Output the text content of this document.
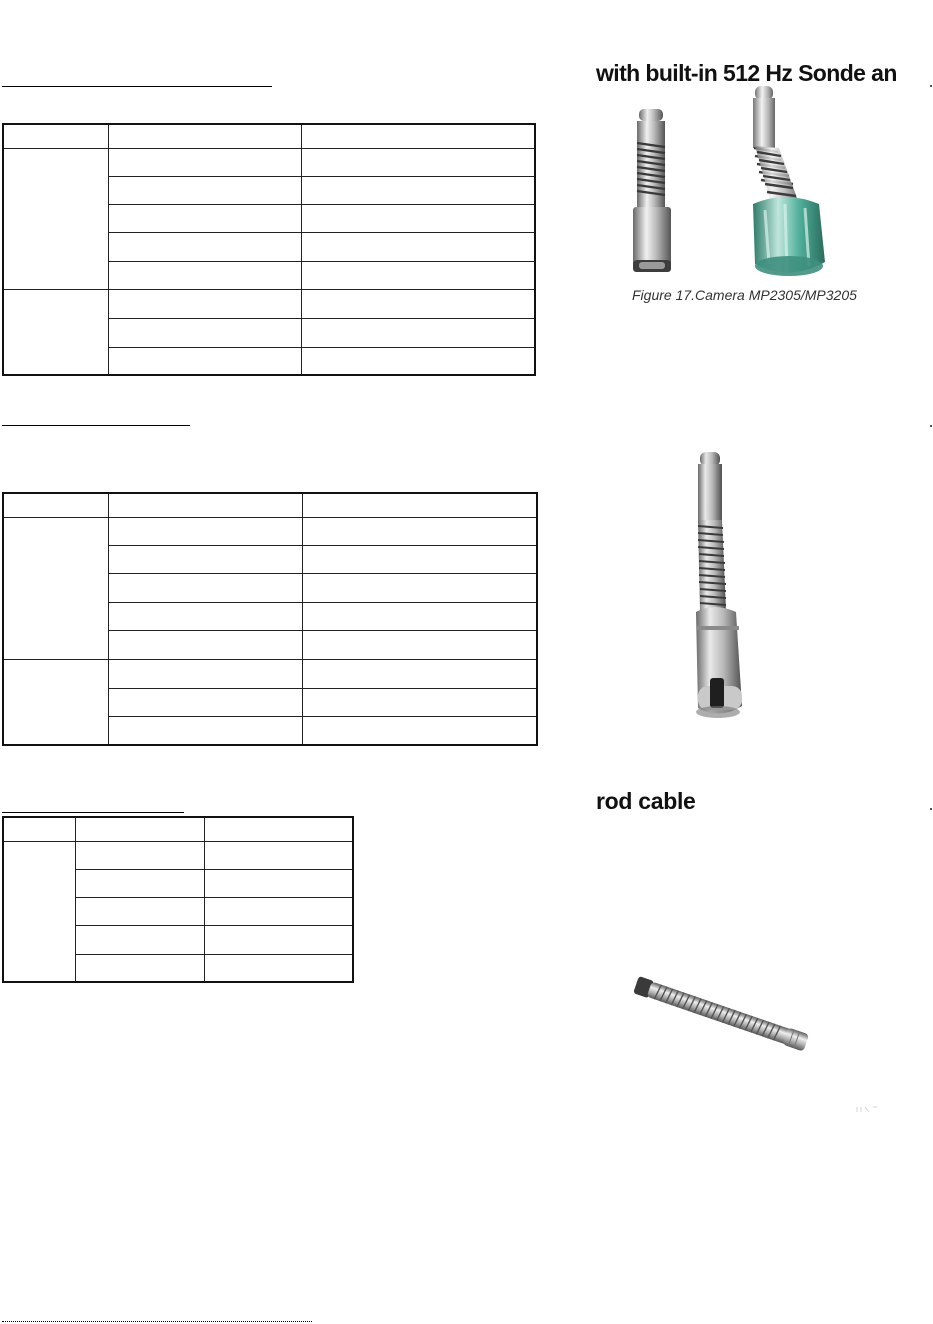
with built-in 512 Hz Sonde an
Figure 17.Camera MP2305/MP3205
rod cable
